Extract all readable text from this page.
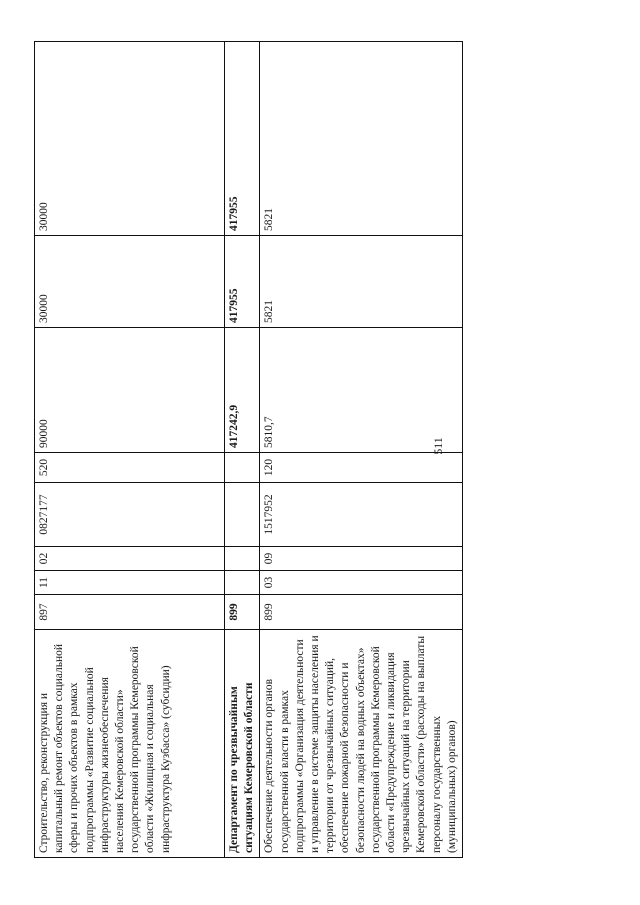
511
Строительство, реконструкция и капитальный ремонт объектов социальной сферы и прочих объектов в рамках подпрограммы «Развитие социальной инфраструктуры жизнеобеспечения населения Кемеровской области» государственной программы Кемеровской области «Жилищная и социальная инфраструктура Кузбасса» (субсидии)	897	11	02	0827177	520	90000	30000	30000
Департамент по чрезвычайным ситуациям Кемеровской области	899					417242,9	417955	417955
Обеспечение деятельности органов государственной власти в рамках подпрограммы «Организация деятельности и управление в системе защиты населения и территории от чрезвычайных ситуаций, обеспечение пожарной безопасности и безопасности людей на водных объектах» государственной программы Кемеровской области «Предупреждение и ликвидация чрезвычайных ситуаций на территории Кемеровской области» (расходы на выплаты персоналу государственных (муниципальных) органов)	899	03	09	1517952	120	5810,7	5821	5821
